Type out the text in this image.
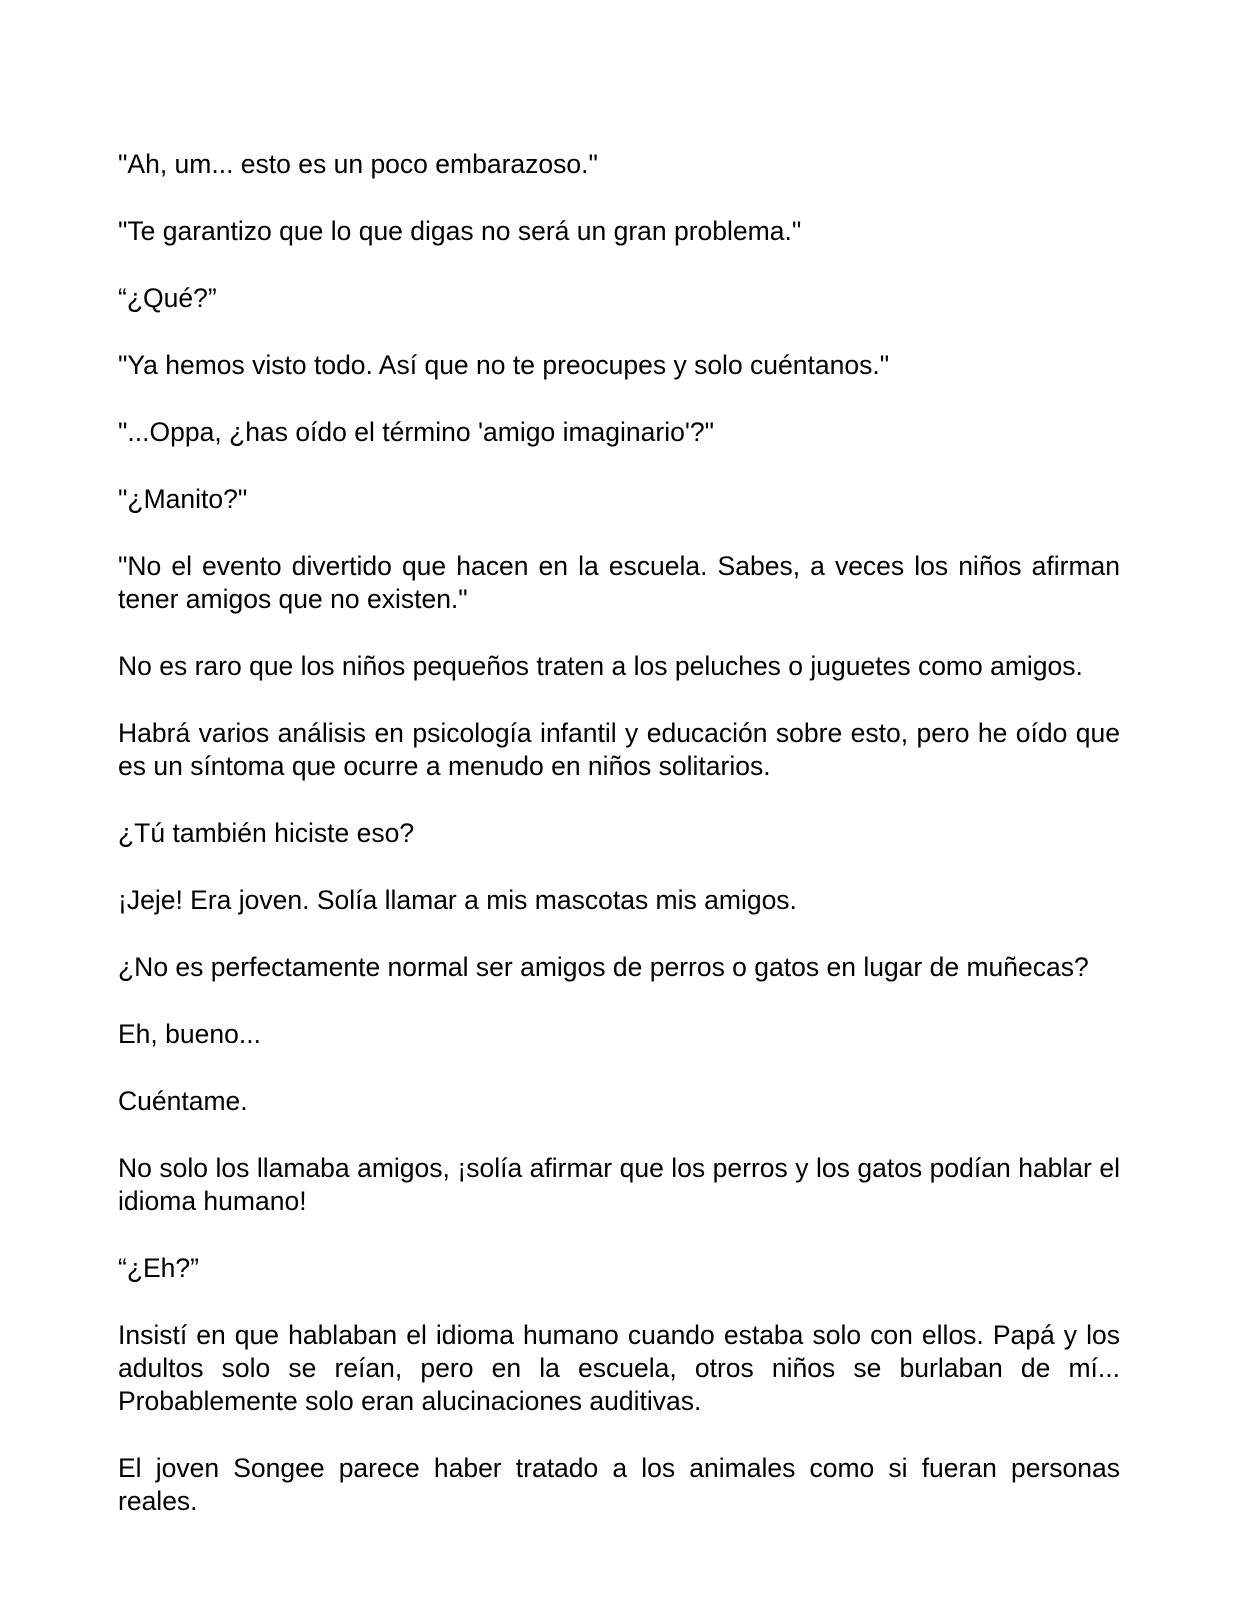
"Ah, um... esto es un poco embarazoso."

"Te garantizo que lo que digas no será un gran problema."

“¿Qué?”

"Ya hemos visto todo. Así que no te preocupes y solo cuéntanos."

"...Oppa, ¿has oído el término 'amigo imaginario'?"

"¿Manito?"

"No el evento divertido que hacen en la escuela. Sabes, a veces los niños afirman tener amigos que no existen."

No es raro que los niños pequeños traten a los peluches o juguetes como amigos.

Habrá varios análisis en psicología infantil y educación sobre esto, pero he oído que es un síntoma que ocurre a menudo en niños solitarios.

¿Tú también hiciste eso?

¡Jeje! Era joven. Solía llamar a mis mascotas mis amigos.

¿No es perfectamente normal ser amigos de perros o gatos en lugar de muñecas?

Eh, bueno...

Cuéntame.

No solo los llamaba amigos, ¡solía afirmar que los perros y los gatos podían hablar el idioma humano!

“¿Eh?”

Insistí en que hablaban el idioma humano cuando estaba solo con ellos. Papá y los adultos solo se reían, pero en la escuela, otros niños se burlaban de mí... Probablemente solo eran alucinaciones auditivas.

El joven Songee parece haber tratado a los animales como si fueran personas reales.
